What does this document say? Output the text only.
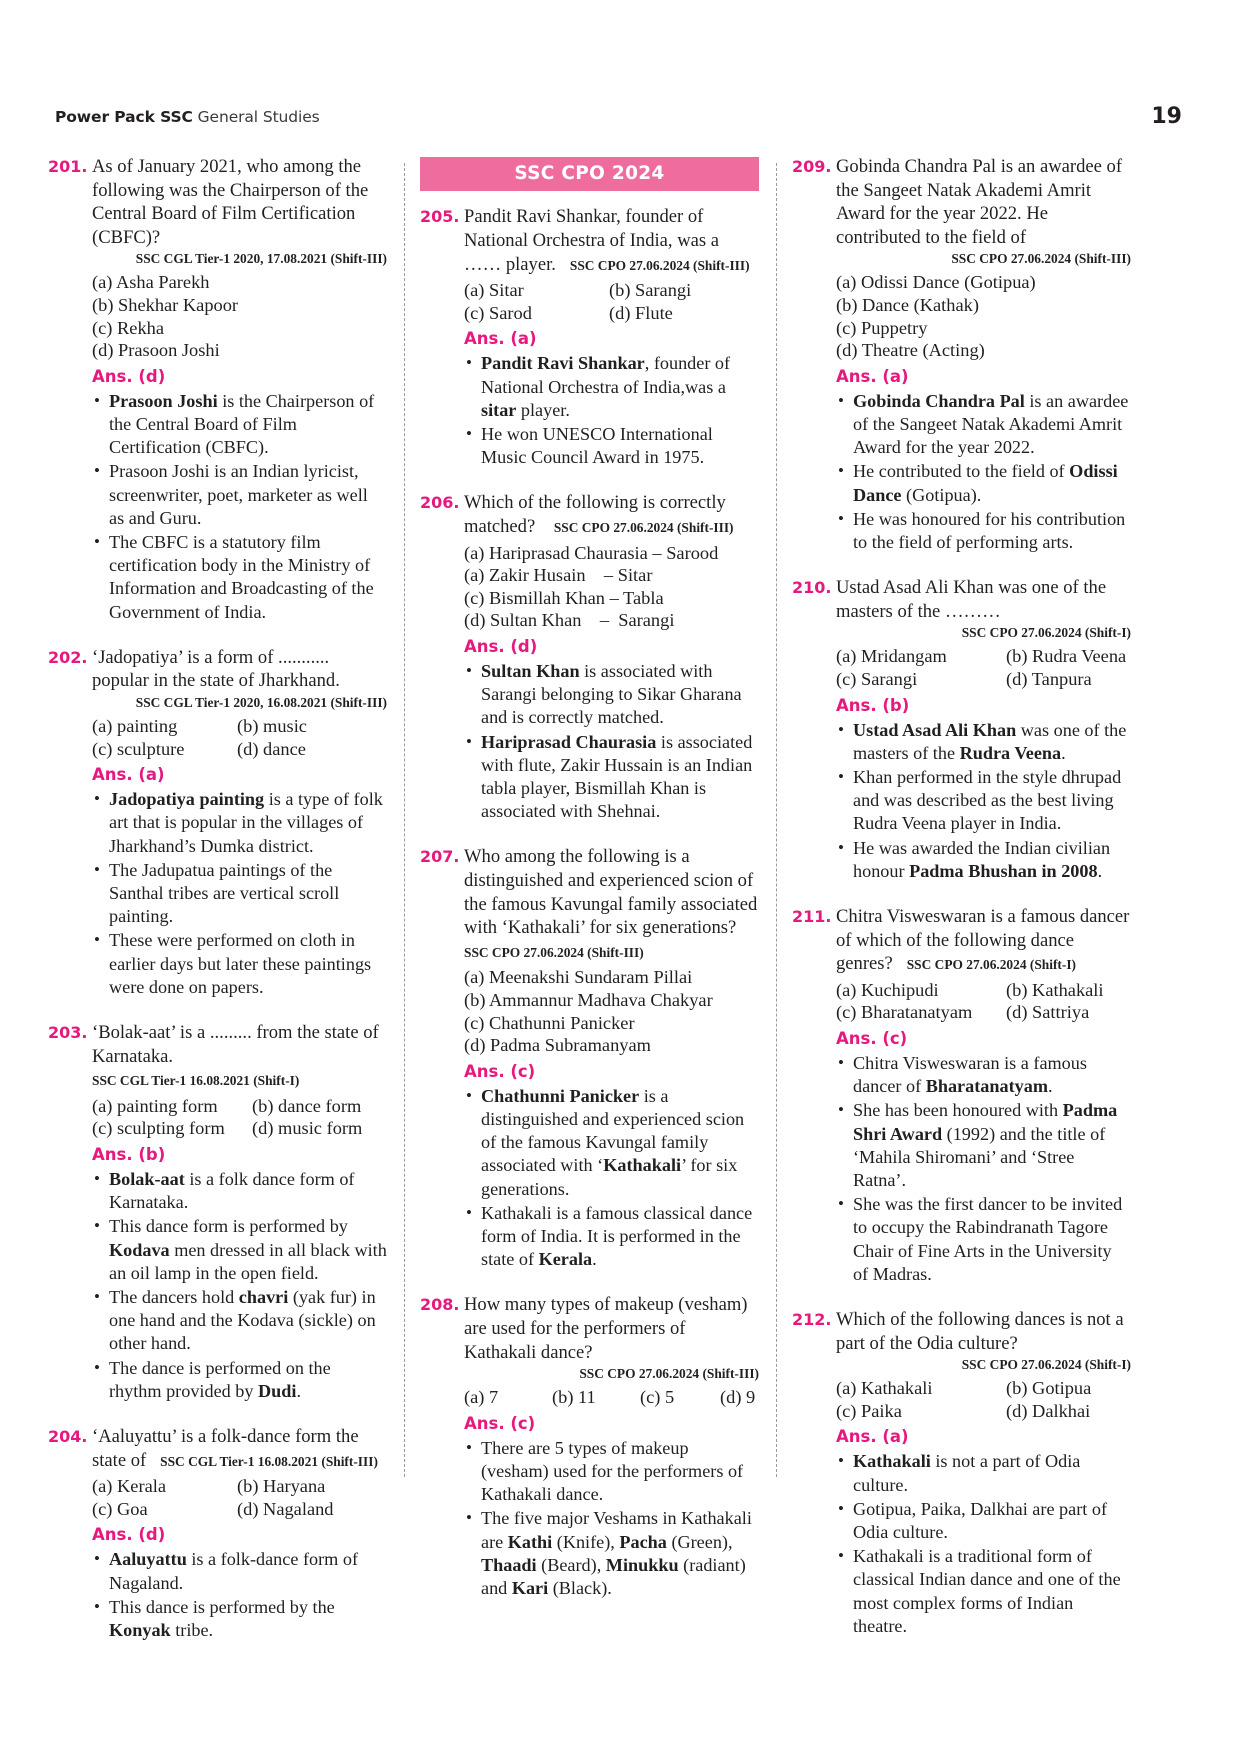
Power Pack SSC General Studies	19
201. As of January 2021, who among the following was the Chairperson of the Central Board of Film Certification (CBFC)?
SSC CGL Tier-1 2020, 17.08.2021 (Shift-III)
(a) Asha Parekh
(b) Shekhar Kapoor
(c) Rekha
(d) Prasoon Joshi
Ans. (d)
• Prasoon Joshi is the Chairperson of the Central Board of Film Certification (CBFC).
• Prasoon Joshi is an Indian lyricist, screenwriter, poet, marketer as well as and Guru.
• The CBFC is a statutory film certification body in the Ministry of Information and Broadcasting of the Government of India.
202. ‘Jadopatiya’ is a form of ........... popular in the state of Jharkhand.
SSC CGL Tier-1 2020, 16.08.2021 (Shift-III)
(a) painting	(b) music
(c) sculpture	(d) dance
Ans. (a)
• Jadopatiya painting is a type of folk art that is popular in the villages of Jharkhand’s Dumka district.
• The Jadupatua paintings of the Santhal tribes are vertical scroll painting.
• These were performed on cloth in earlier days but later these paintings were done on papers.
203. ‘Bolak-aat’ is a ......... from the state of Karnataka.  SSC CGL Tier-1 16.08.2021 (Shift-I)
(a) painting form	(b) dance form
(c) sculpting form	(d) music form
Ans. (b)
• Bolak-aat is a folk dance form of Karnataka.
• This dance form is performed by Kodava men dressed in all black with an oil lamp in the open field.
• The dancers hold chavri (yak fur) in one hand and the Kodava (sickle) on other hand.
• The dance is performed on the rhythm provided by Dudi.
204. ‘Aaluyattu’ is a folk-dance form the state of   SSC CGL Tier-1 16.08.2021 (Shift-III)
(a) Kerala	(b) Haryana
(c) Goa	(d) Nagaland
Ans. (d)
• Aaluyattu is a folk-dance form of Nagaland.
• This dance is performed by the Konyak tribe.
SSC CPO 2024
205. Pandit Ravi Shankar, founder of National Orchestra of India, was a …… player.   SSC CPO 27.06.2024 (Shift-III)
(a) Sitar	(b) Sarangi
(c) Sarod	(d) Flute
Ans. (a)
• Pandit Ravi Shankar, founder of National Orchestra of India,was a sitar player.
• He won UNESCO International Music Council Award in 1975.
206. Which of the following is correctly matched?    SSC CPO 27.06.2024 (Shift-III)
(a) Hariprasad Chaurasia – Sarood
(a) Zakir Husain    – Sitar
(c) Bismillah Khan – Tabla
(d) Sultan Khan    –  Sarangi
Ans. (d)
• Sultan Khan is associated with Sarangi belonging to Sikar Gharana and is correctly matched.
• Hariprasad Chaurasia is associated with flute, Zakir Hussain is an Indian tabla player, Bismillah Khan is associated with Shehnai.
207. Who among the following is a distinguished and experienced scion of the famous Kavungal family associated with ‘Kathakali’ for six generations?   SSC CPO 27.06.2024 (Shift-III)
(a) Meenakshi Sundaram Pillai
(b) Ammannur Madhava Chakyar
(c) Chathunni Panicker
(d) Padma Subramanyam
Ans. (c)
• Chathunni Panicker is a distinguished and experienced scion of the famous Kavungal family associated with ‘Kathakali’ for six generations.
• Kathakali is a famous classical dance form of India. It is performed in the state of Kerala.
208. How many types of makeup (vesham) are used for the performers of Kathakali dance?
SSC CPO 27.06.2024 (Shift-III)
(a) 7	(b) 11	(c) 5	(d) 9
Ans. (c)
• There are 5 types of makeup (vesham) used for the performers of Kathakali dance.
• The five major Veshams in Kathakali are Kathi (Knife), Pacha (Green), Thaadi (Beard), Minukku (radiant) and Kari (Black).
209. Gobinda Chandra Pal is an awardee of the Sangeet Natak Akademi Amrit Award for the year 2022. He contributed to the field of
SSC CPO 27.06.2024 (Shift-III)
(a) Odissi Dance (Gotipua)
(b) Dance (Kathak)
(c) Puppetry
(d) Theatre (Acting)
Ans. (a)
• Gobinda Chandra Pal is an awardee of the Sangeet Natak Akademi Amrit Award for the year 2022.
• He contributed to the field of Odissi Dance (Gotipua).
• He was honoured for his contribution to the field of performing arts.
210. Ustad Asad Ali Khan was one of the masters of the ………
SSC CPO 27.06.2024 (Shift-I)
(a) Mridangam	(b) Rudra Veena
(c) Sarangi	(d) Tanpura
Ans. (b)
• Ustad Asad Ali Khan was one of the masters of the Rudra Veena.
• Khan performed in the style dhrupad and was described as the best living Rudra Veena player in India.
• He was awarded the Indian civilian honour Padma Bhushan in 2008.
211. Chitra Visweswaran is a famous dancer of which of the following dance genres?   SSC CPO 27.06.2024 (Shift-I)
(a) Kuchipudi	(b) Kathakali
(c) Bharatanatyam	(d) Sattriya
Ans. (c)
• Chitra Visweswaran is a famous dancer of Bharatanatyam.
• She has been honoured with Padma Shri Award (1992) and the title of ‘Mahila Shiromani’ and ‘Stree Ratna’.
• She was the first dancer to be invited to occupy the Rabindranath Tagore Chair of Fine Arts in the University of Madras.
212. Which of the following dances is not a part of the Odia culture?
SSC CPO 27.06.2024 (Shift-I)
(a) Kathakali	(b) Gotipua
(c) Paika	(d) Dalkhai
Ans. (a)
• Kathakali is not a part of Odia culture.
• Gotipua, Paika, Dalkhai are part of Odia culture.
• Kathakali is a traditional form of classical Indian dance and one of the most complex forms of Indian theatre.
